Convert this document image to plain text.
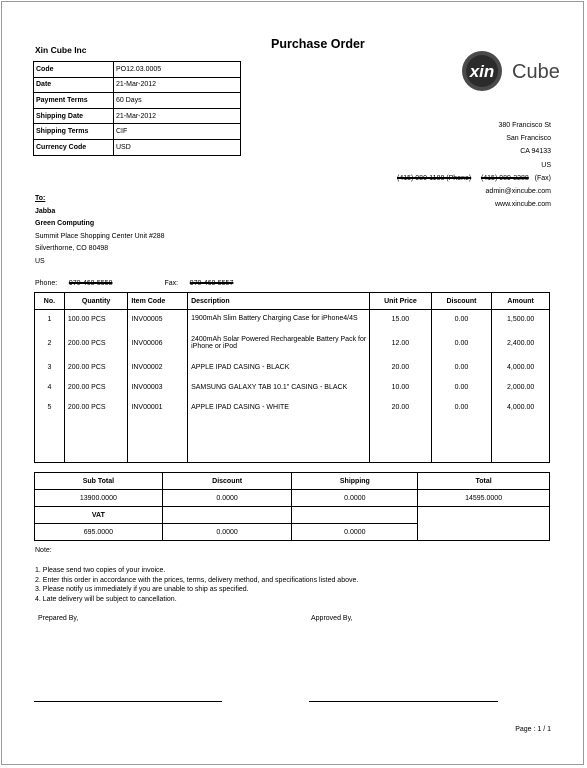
Purchase Order
Xin Cube Inc
Code	PO12.03.0005
Date	21-Mar-2012
Payment Terms	60 Days
Shipping Date	21-Mar-2012
Shipping Terms	CIF
Currency Code	USD
xin Cube
380 Francisco St
San Francisco
CA 94133
US
(415) 080-1188 (Phone) (415) 989-2288 (Fax)
admin@xincube.com
www.xincube.com
To:
Jabba
Green Computing
Summit Place Shopping Center Unit #288
Silverthorne, CO 80498
US
Phone: 970-468-5558	Fax: 970-468-5557
No.	Quantity	Item Code	Description	Unit Price	Discount	Amount
1	100.00 PCS	INV00005	1900mAh Slim Battery Charging Case for iPhone4/4S	15.00	0.00	1,500.00
2	200.00 PCS	INV00006	2400mAh Solar Powered Rechargeable Battery Pack for iPhone or iPod	12.00	0.00	2,400.00
3	200.00 PCS	INV00002	APPLE IPAD CASING - BLACK	20.00	0.00	4,000.00
4	200.00 PCS	INV00003	SAMSUNG GALAXY TAB 10.1" CASING - BLACK	10.00	0.00	2,000.00
5	200.00 PCS	INV00001	APPLE IPAD CASING - WHITE	20.00	0.00	4,000.00
Sub Total	Discount	Shipping	Total
13900.0000	0.0000	0.0000	14595.0000
VAT			
695.0000	0.0000	0.0000	
Note:
1. Please send two copies of your invoice.
2. Enter this order in accordance with the prices, terms, delivery method, and specifications listed above.
3. Please notify us immediately if you are unable to ship as specified.
4. Late delivery will be subject to cancellation.
Prepared By,	Approved By,
Page : 1 / 1
